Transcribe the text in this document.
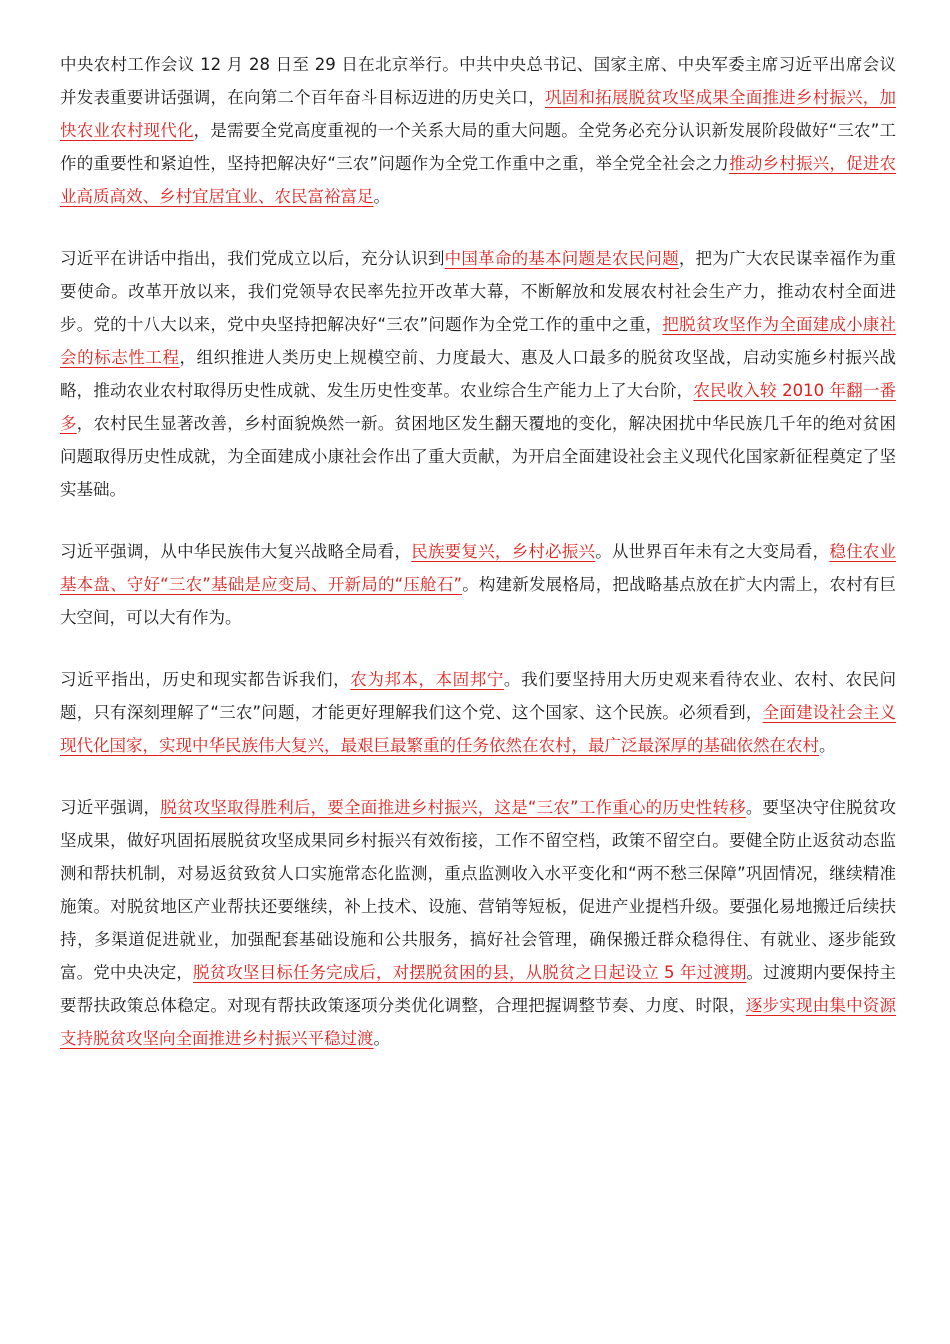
中央农村工作会议 12 月 28 日至 29 日在北京举行。中共中央总书记、国家主席、中央军委主席习近平出席会议并发表重要讲话强调，在向第二个百年奋斗目标迈进的历史关口，巩固和拓展脱贫攻坚成果全面推进乡村振兴，加快农业农村现代化，是需要全党高度重视的一个关系大局的重大问题。全党务必充分认识新发展阶段做好“三农”工作的重要性和紧迫性，坚持把解决好“三农”问题作为全党工作重中之重，举全党全社会之力推动乡村振兴，促进农业高质高效、乡村宜居宜业、农民富裕富足。

习近平在讲话中指出，我们党成立以后，充分认识到中国革命的基本问题是农民问题，把为广大农民谋幸福作为重要使命。改革开放以来，我们党领导农民率先拉开改革大幕，不断解放和发展农村社会生产力，推动农村全面进步。党的十八大以来，党中央坚持把解决好“三农”问题作为全党工作的重中之重，把脱贫攻坚作为全面建成小康社会的标志性工程，组织推进人类历史上规模空前、力度最大、惠及人口最多的脱贫攻坚战，启动实施乡村振兴战略，推动农业农村取得历史性成就、发生历史性变革。农业综合生产能力上了大台阶，农民收入较 2010 年翻一番多，农村民生显著改善，乡村面貌焕然一新。贫困地区发生翻天覆地的变化，解决困扰中华民族几千年的绝对贫困问题取得历史性成就，为全面建成小康社会作出了重大贡献，为开启全面建设社会主义现代化国家新征程奠定了坚实基础。

习近平强调，从中华民族伟大复兴战略全局看，民族要复兴，乡村必振兴。从世界百年未有之大变局看，稳住农业基本盘、守好“三农”基础是应变局、开新局的“压舱石”。构建新发展格局，把战略基点放在扩大内需上，农村有巨大空间，可以大有作为。

习近平指出，历史和现实都告诉我们，农为邦本，本固邦宁。我们要坚持用大历史观来看待农业、农村、农民问题，只有深刻理解了“三农”问题，才能更好理解我们这个党、这个国家、这个民族。必须看到，全面建设社会主义现代化国家，实现中华民族伟大复兴，最艰巨最繁重的任务依然在农村，最广泛最深厚的基础依然在农村。

习近平强调，脱贫攻坚取得胜利后，要全面推进乡村振兴，这是“三农”工作重心的历史性转移。要坚决守住脱贫攻坚成果，做好巩固拓展脱贫攻坚成果同乡村振兴有效衔接，工作不留空档，政策不留空白。要健全防止返贫动态监测和帮扶机制，对易返贫致贫人口实施常态化监测，重点监测收入水平变化和“两不愁三保障”巩固情况，继续精准施策。对脱贫地区产业帮扶还要继续，补上技术、设施、营销等短板，促进产业提档升级。要强化易地搬迁后续扶持，多渠道促进就业，加强配套基础设施和公共服务，搞好社会管理，确保搬迁群众稳得住、有就业、逐步能致富。党中央决定，脱贫攻坚目标任务完成后，对摆脱贫困的县，从脱贫之日起设立 5 年过渡期。过渡期内要保持主要帮扶政策总体稳定。对现有帮扶政策逐项分类优化调整，合理把握调整节奏、力度、时限，逐步实现由集中资源支持脱贫攻坚向全面推进乡村振兴平稳过渡。
